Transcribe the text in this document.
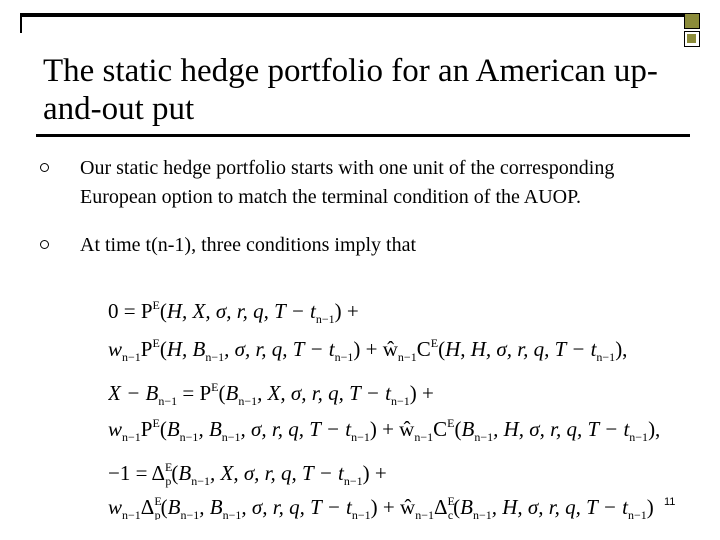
The static hedge portfolio for an American up-and-out put
Our static hedge portfolio starts with one unit of the corresponding European option to match the terminal condition of the AUOP.
At time t(n-1), three conditions imply that
$0 = P^E(H$, X, σ, r, q, $T - t_{n-1}$) +
$w_{n-1}P^E(H$, $B_{n-1}$, σ, r, q, $T - t_{n-1}$) + $ŵ_{n-1}C^E(H$, H, σ, r, q, $T - t_{n-1}$),
$X - B_{n-1} = P^E(B_{n-1}$, X, σ, r, q, $T - t_{n-1}$) +
$w_{n-1}P^E(B_{n-1}$, $B_{n-1}$, σ, r, q, $T - t_{n-1}$) + $ŵ_{n-1}C^E(B_{n-1}$, H, σ, r, q, $T - t_{n-1}$),
$-1 = \Delta^E$ $p(B_{n-1}$, X, σ, r, q, $T - t_{n-1}$) +
$w_{n-1}\Delta^E$ $p(B_{n-1}$, $B_{n-1}$, σ, r, q, $T - t_{n-1}$) + $ŵ_{n-1}\Delta^E$ $c(B_{n-1}$, H, σ, r, q, $T - t_{n-1}$) 11
